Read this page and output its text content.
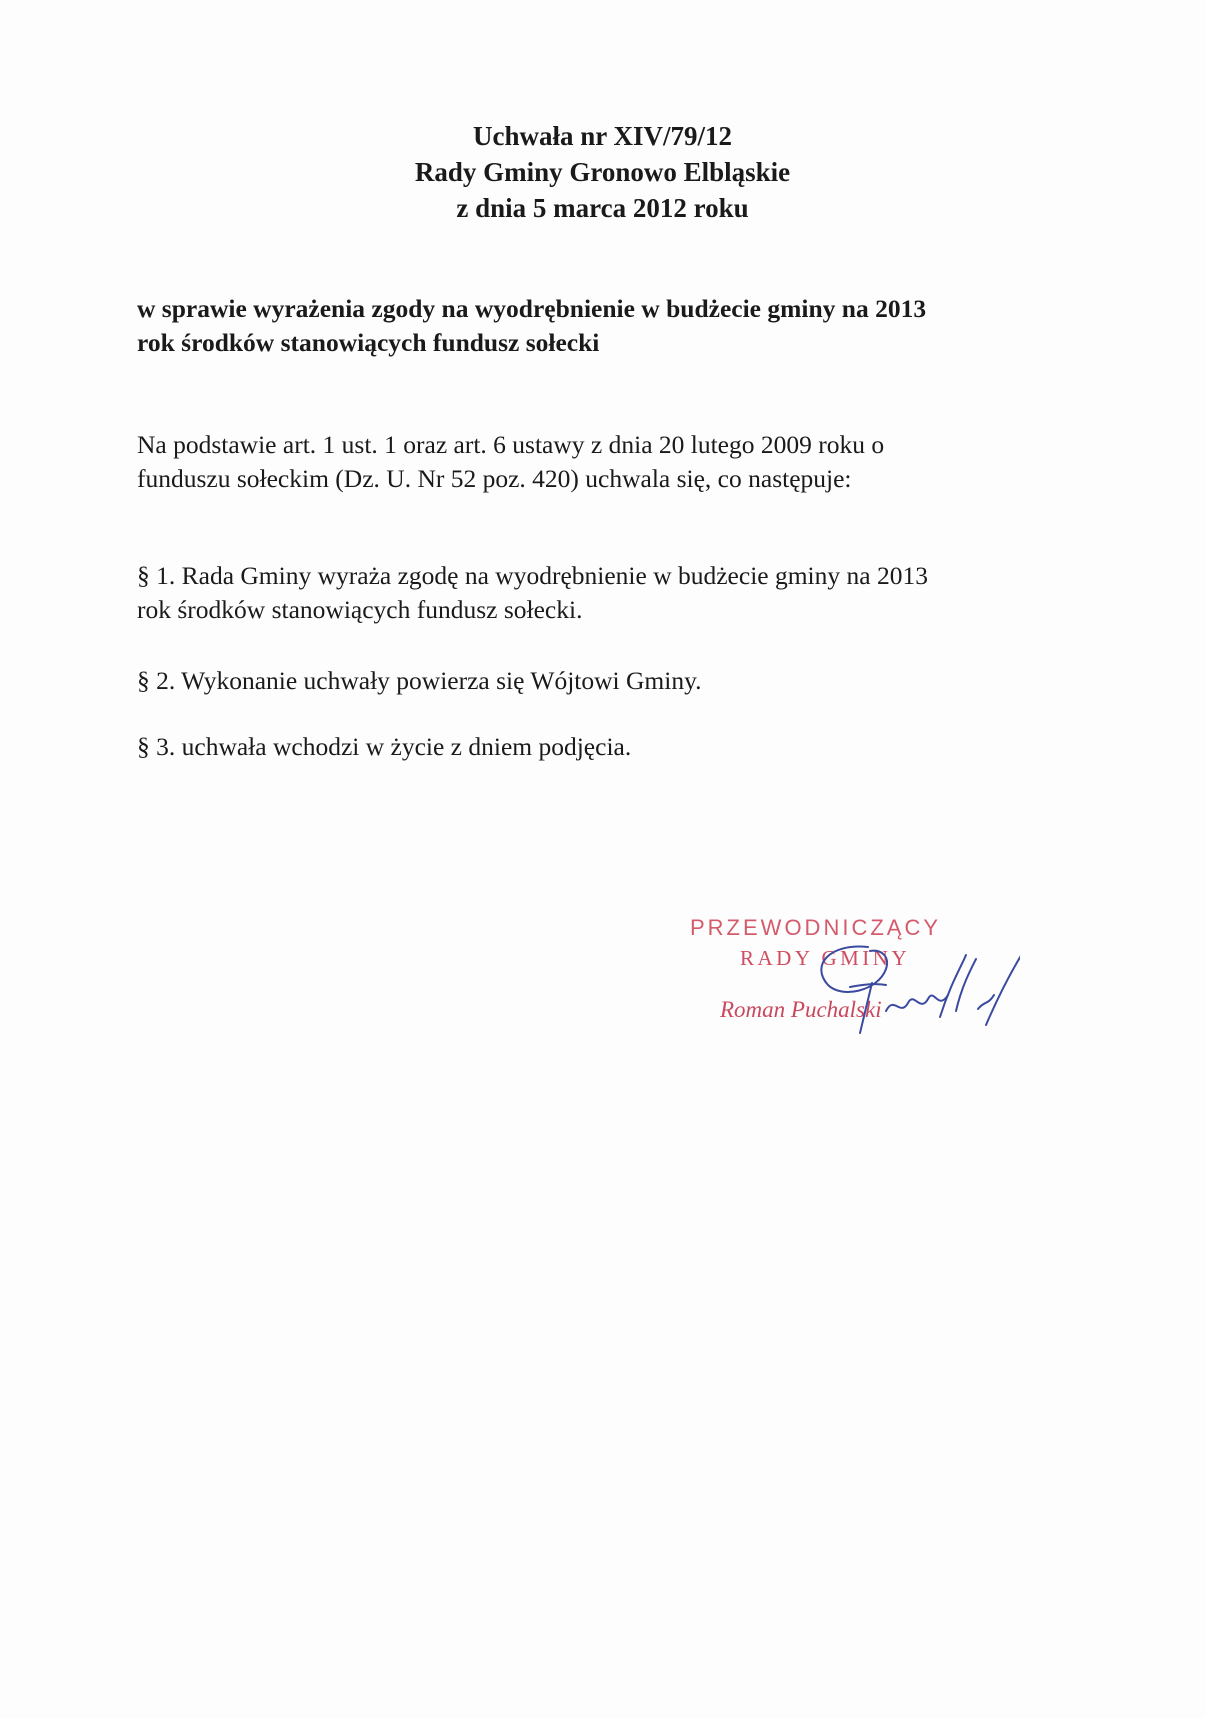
Uchwała nr XIV/79/12
Rady Gminy Gronowo Elbląskie
z dnia 5 marca 2012 roku
w sprawie wyrażenia zgody na wyodrębnienie w budżecie gminy na 2013
rok środków stanowiących fundusz sołecki
Na podstawie art. 1 ust. 1 oraz art. 6 ustawy z dnia 20 lutego 2009 roku o
funduszu sołeckim (Dz. U. Nr 52 poz. 420) uchwala się, co następuje:
§ 1. Rada Gminy wyraża zgodę na wyodrębnienie w budżecie gminy na 2013
rok środków stanowiących fundusz sołecki.
§ 2. Wykonanie uchwały powierza się Wójtowi Gminy.
§ 3. uchwała wchodzi w życie z dniem podjęcia.
PRZEWODNICZĄCY
RADY GMINY
Roman Puchalski
